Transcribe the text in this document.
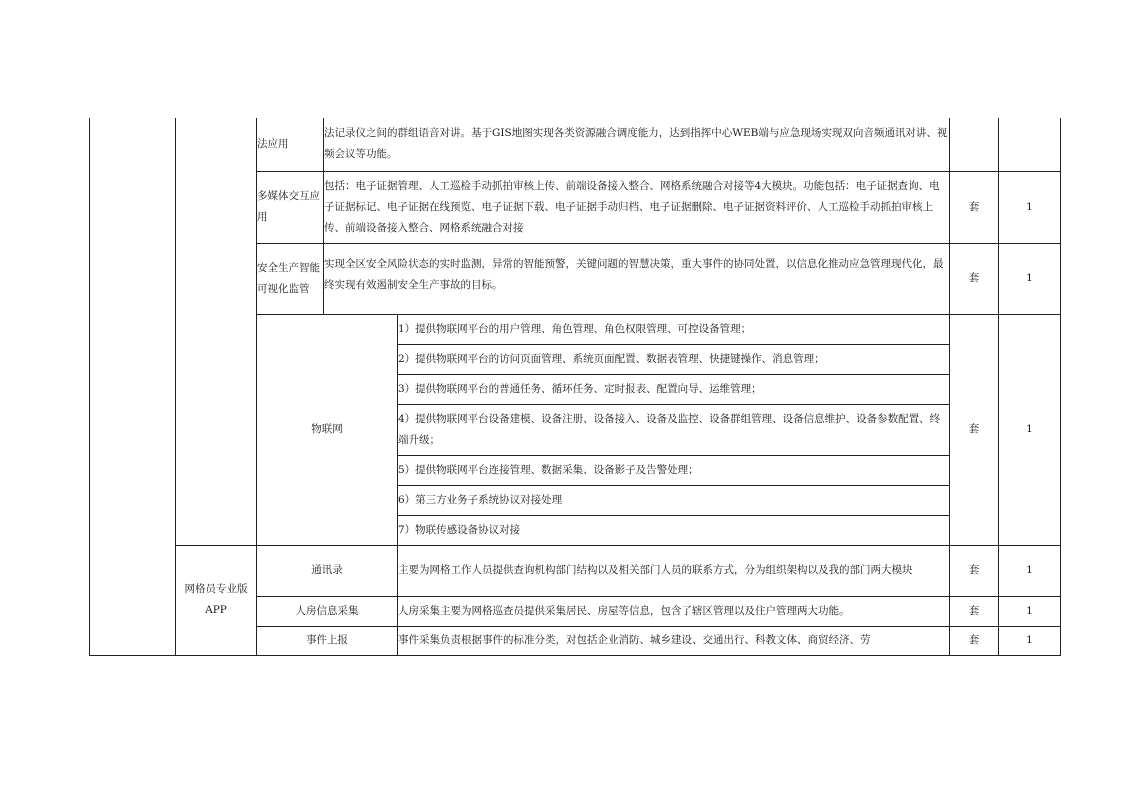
		法应用	法记录仪之间的群组语音对讲。基于GIS地图实现各类资源融合调度能力，达到指挥中心WEB端与应急现场实现双向音频通讯对讲、视频会议等功能。			
		多媒体交互应用	包括：电子证据管理、人工巡检手动抓拍审核上传、前端设备接入整合、网格系统融合对接等4大模块。功能包括：电子证据查询、电子证据标记、电子证据在线预览、电子证据下载、电子证据手动归档、电子证据删除、电子证据资料评价、人工巡检手动抓拍审核上传、前端设备接入整合、网格系统融合对接		套	1
		安全生产智能可视化监管	实现全区安全风险状态的实时监测，异常的智能预警，关键问题的智慧决策，重大事件的协同处置，以信息化推动应急管理现代化，最终实现有效遏制安全生产事故的目标。		套	1
		物联网		1）提供物联网平台的用户管理、角色管理、角色权限管理、可控设备管理；	套	1
				2）提供物联网平台的访问页面管理、系统页面配置、数据表管理、快捷键操作、消息管理；		
				3）提供物联网平台的普通任务、循环任务、定时报表、配置向导、运维管理；		
				4）提供物联网平台设备建模、设备注册、设备接入、设备及监控、设备群组管理、设备信息维护、设备参数配置、终端升级；		
				5）提供物联网平台连接管理、数据采集、设备影子及告警处理；		
				6）第三方业务子系统协议对接处理		
				7）物联传感设备协议对接		
	网格员专业版APP	通讯录		主要为网格工作人员提供查询机构部门结构以及相关部门人员的联系方式，分为组织架构以及我的部门两大模块	套	1
		人房信息采集		人房采集主要为网格巡查员提供采集居民、房屋等信息，包含了辖区管理以及住户管理两大功能。	套	1
		事件上报		事件采集负责根据事件的标准分类，对包括企业消防、城乡建设、交通出行、科教文体、商贸经济、劳	套	1
